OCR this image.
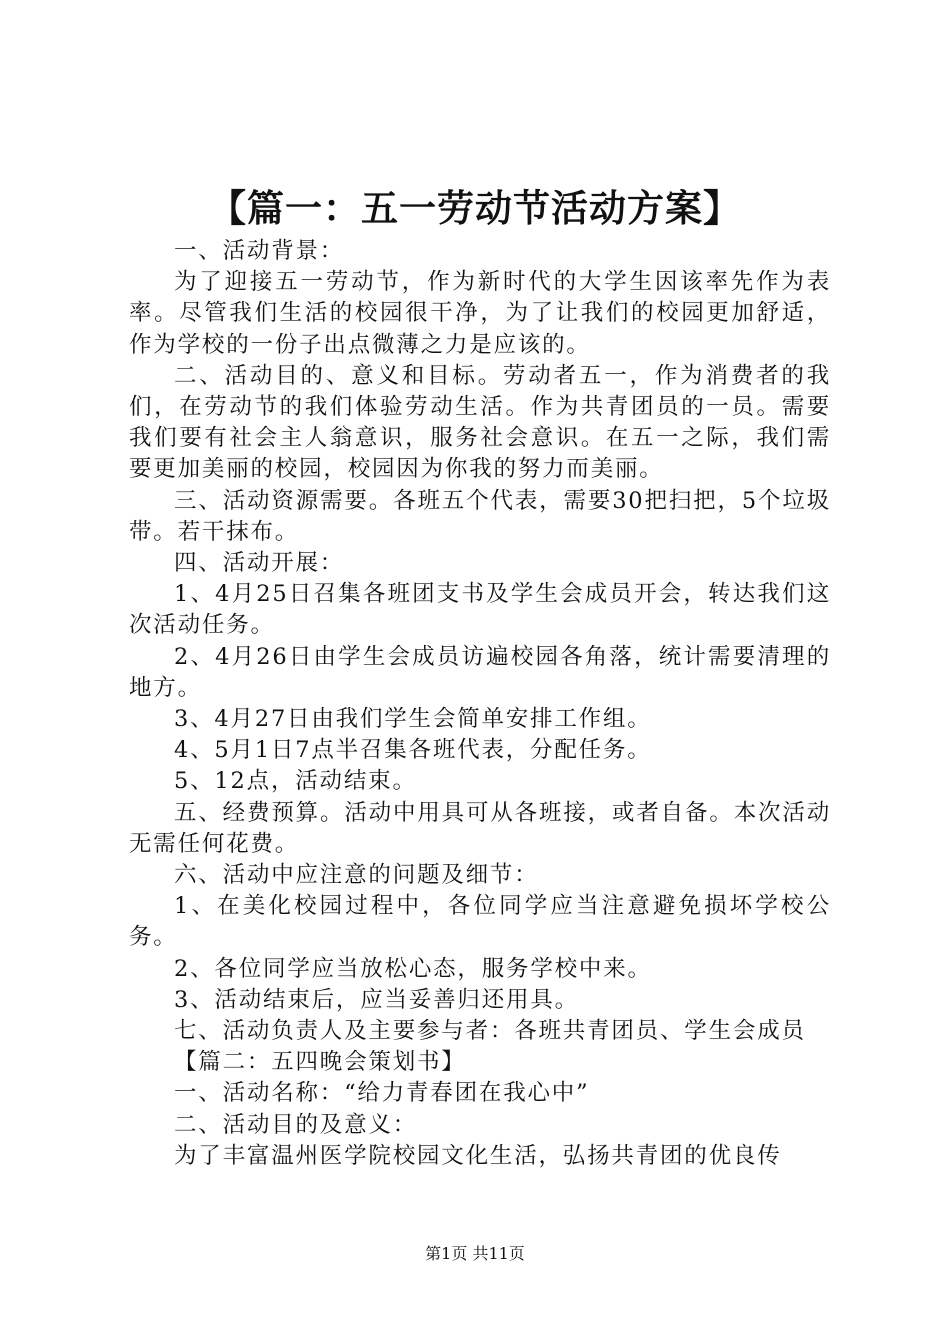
【篇一：五一劳动节活动方案】

一、活动背景：

为了迎接五一劳动节，作为新时代的大学生因该率先作为表率。尽管我们生活的校园很干净，为了让我们的校园更加舒适，作为学校的一份子出点微薄之力是应该的。

二、活动目的、意义和目标。劳动者五一，作为消费者的我们，在劳动节的我们体验劳动生活。作为共青团员的一员。需要我们要有社会主人翁意识，服务社会意识。在五一之际，我们需要更加美丽的校园，校园因为你我的努力而美丽。

三、活动资源需要。各班五个代表，需要30把扫把，5个垃圾带。若干抹布。

四、活动开展：

1、4月25日召集各班团支书及学生会成员开会，转达我们这次活动任务。

2、4月26日由学生会成员访遍校园各角落，统计需要清理的地方。

3、4月27日由我们学生会简单安排工作组。

4、5月1日7点半召集各班代表，分配任务。

5、12点，活动结束。

五、经费预算。活动中用具可从各班接，或者自备。本次活动无需任何花费。

六、活动中应注意的问题及细节：

1、在美化校园过程中，各位同学应当注意避免损坏学校公务。

2、各位同学应当放松心态，服务学校中来。

3、活动结束后，应当妥善归还用具。

七、活动负责人及主要参与者：各班共青团员、学生会成员

【篇二：五四晚会策划书】

一、活动名称：“给力青春团在我心中”

二、活动目的及意义：

为了丰富温州医学院校园文化生活，弘扬共青团的优良传

第1页 共11页
